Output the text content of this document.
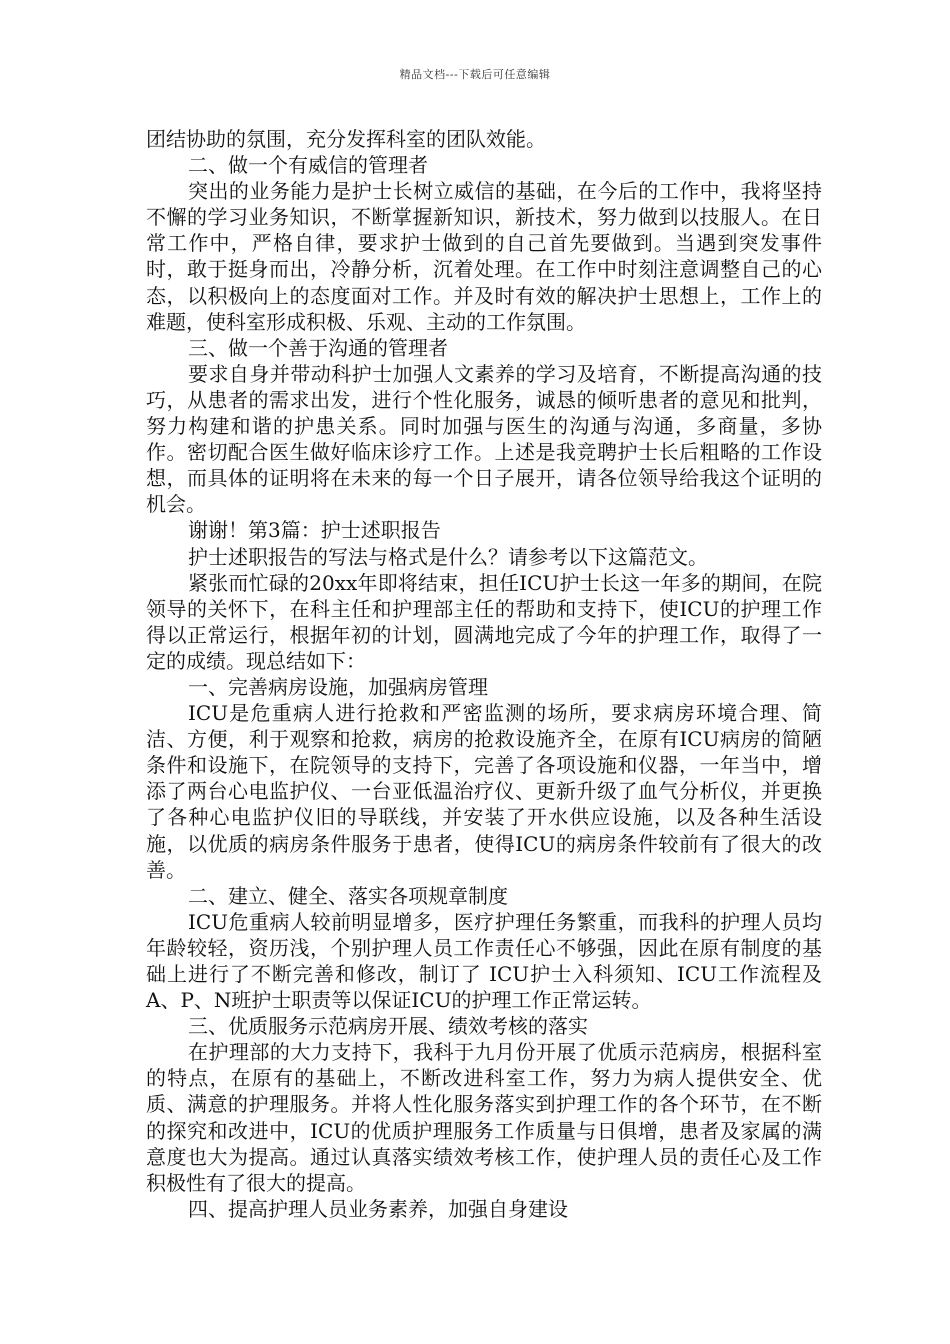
精品文档---下载后可任意编辑

团结协助的氛围，充分发挥科室的团队效能。

二、做一个有威信的管理者

突出的业务能力是护士长树立威信的基础，在今后的工作中，我将坚持不懈的学习业务知识，不断掌握新知识，新技术，努力做到以技服人。在日常工作中，严格自律，要求护士做到的自己首先要做到。当遇到突发事件时，敢于挺身而出，冷静分析，沉着处理。在工作中时刻注意调整自己的心态，以积极向上的态度面对工作。并及时有效的解决护士思想上，工作上的难题，使科室形成积极、乐观、主动的工作氛围。

三、做一个善于沟通的管理者

要求自身并带动科护士加强人文素养的学习及培育，不断提高沟通的技巧，从患者的需求出发，进行个性化服务，诚恳的倾听患者的意见和批判，努力构建和谐的护患关系。同时加强与医生的沟通与沟通，多商量，多协作。密切配合医生做好临床诊疗工作。上述是我竞聘护士长后粗略的工作设想，而具体的证明将在未来的每一个日子展开，请各位领导给我这个证明的机会。

谢谢！第3篇：护士述职报告

护士述职报告的写法与格式是什么？请参考以下这篇范文。

紧张而忙碌的20xx年即将结束，担任ICU护士长这一年多的期间，在院领导的关怀下，在科主任和护理部主任的帮助和支持下，使ICU的护理工作得以正常运行，根据年初的计划，圆满地完成了今年的护理工作，取得了一定的成绩。现总结如下：

一、完善病房设施，加强病房管理

ICU是危重病人进行抢救和严密监测的场所，要求病房环境合理、简洁、方便，利于观察和抢救，病房的抢救设施齐全，在原有ICU病房的简陋条件和设施下，在院领导的支持下，完善了各项设施和仪器，一年当中，增添了两台心电监护仪、一台亚低温治疗仪、更新升级了血气分析仪，并更换了各种心电监护仪旧的导联线，并安装了开水供应设施，以及各种生活设施，以优质的病房条件服务于患者，使得ICU的病房条件较前有了很大的改善。

二、建立、健全、落实各项规章制度

ICU危重病人较前明显增多，医疗护理任务繁重，而我科的护理人员均年龄较轻，资历浅，个别护理人员工作责任心不够强，因此在原有制度的基础上进行了不断完善和修改，制订了 ICU护士入科须知、ICU工作流程及A、P、N班护士职责等以保证ICU的护理工作正常运转。

三、优质服务示范病房开展、绩效考核的落实

在护理部的大力支持下，我科于九月份开展了优质示范病房，根据科室的特点，在原有的基础上，不断改进科室工作，努力为病人提供安全、优质、满意的护理服务。并将人性化服务落实到护理工作的各个环节，在不断的探究和改进中，ICU的优质护理服务工作质量与日俱增，患者及家属的满意度也大为提高。通过认真落实绩效考核工作，使护理人员的责任心及工作积极性有了很大的提高。

四、提高护理人员业务素养，加强自身建设
